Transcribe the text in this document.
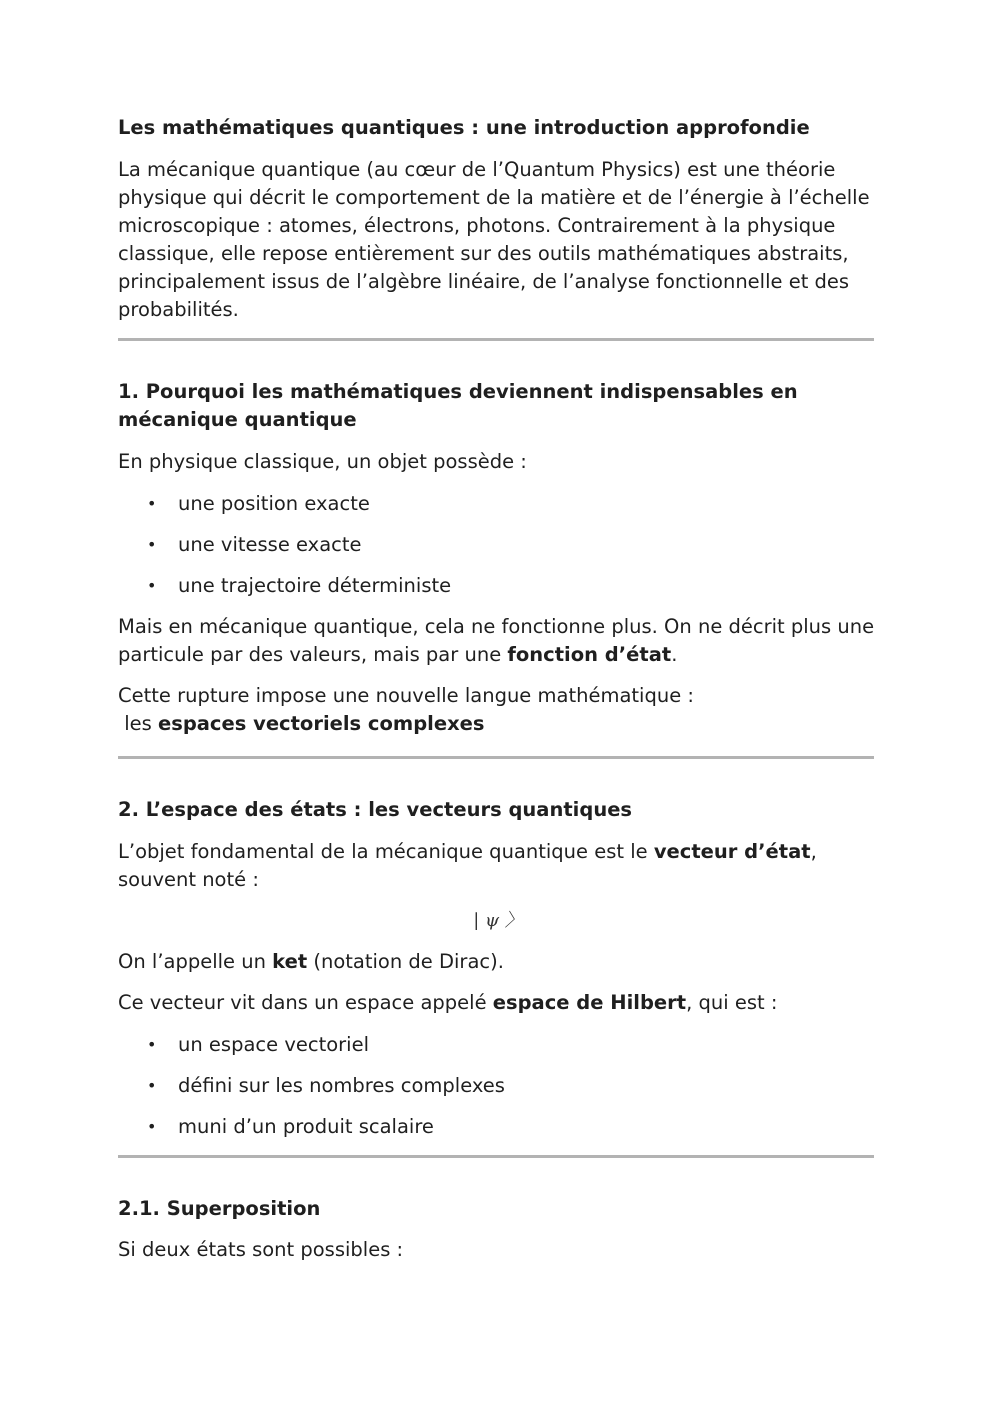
Les mathématiques quantiques : une introduction approfondie

La mécanique quantique (au cœur de l’Quantum Physics) est une théorie physique qui décrit le comportement de la matière et de l’énergie à l’échelle microscopique : atomes, électrons, photons. Contrairement à la physique classique, elle repose entièrement sur des outils mathématiques abstraits, principalement issus de l’algèbre linéaire, de l’analyse fonctionnelle et des probabilités.

1. Pourquoi les mathématiques deviennent indispensables en mécanique quantique

En physique classique, un objet possède :

• une position exacte
• une vitesse exacte
• une trajectoire déterministe

Mais en mécanique quantique, cela ne fonctionne plus. On ne décrit plus une particule par des valeurs, mais par une fonction d’état.

Cette rupture impose une nouvelle langue mathématique :
les espaces vectoriels complexes

2. L’espace des états : les vecteurs quantiques

L’objet fondamental de la mécanique quantique est le vecteur d’état, souvent noté :

| ψ 〉

On l’appelle un ket (notation de Dirac).

Ce vecteur vit dans un espace appelé espace de Hilbert, qui est :

• un espace vectoriel
• défini sur les nombres complexes
• muni d’un produit scalaire
2.1. Superposition

Si deux états sont possibles :
